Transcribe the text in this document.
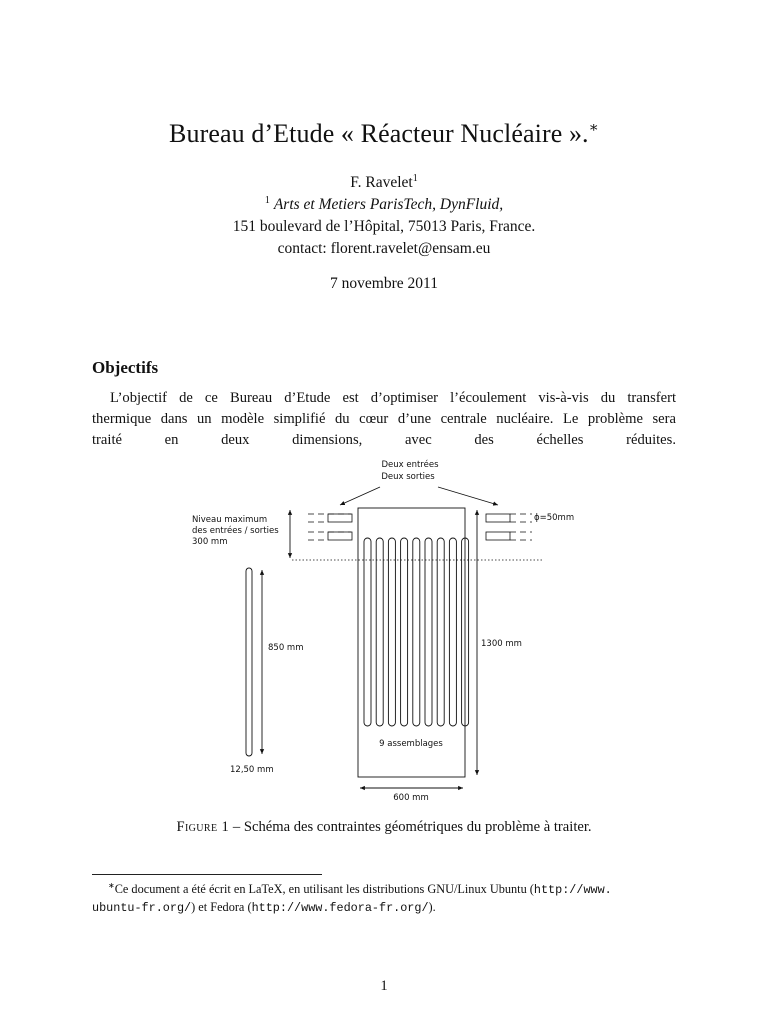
Bureau d’Etude « Réacteur Nucléaire ».∗
F. Ravelet$^1$
$^1$ Arts et Metiers ParisTech, DynFluid,
151 boulevard de l’Hôpital, 75013 Paris, France.
contact: florent.ravelet@ensam.eu
7 novembre 2011
Objectifs
L’objectif de ce Bureau d’Etude est d’optimiser l’écoulement vis-à-vis du transfert
thermique dans un modèle simplifié du cœur d’une centrale nucléaire. Le problème sera
traité en deux dimensions, avec des échelles réduites.
Deux entrées
Deux sorties
ϕ=50mm
Niveau maximum
des entrées / sorties
300 mm
9 assemblages
1300 mm
850 mm
12,50 mm
600 mm
Figure 1 – Schéma des contraintes géométriques du problème à traiter.
∗Ce document a été écrit en LaTeX, en utilisant les distributions GNU/Linux Ubuntu (http://www.
ubuntu-fr.org/) et Fedora (http://www.fedora-fr.org/).
1
